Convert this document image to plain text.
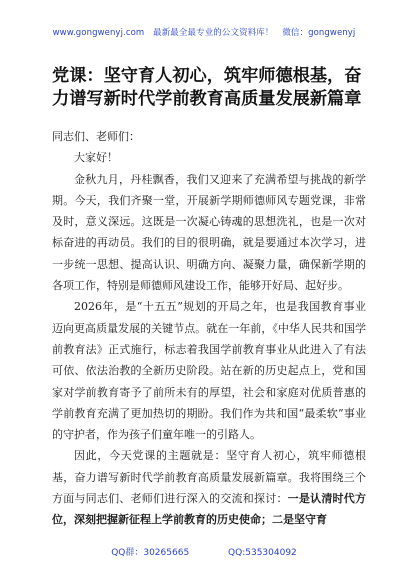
www.gongwenyj.com 最新最全最专业的公文资料库！ 微信：gongwenyj
党课：坚守育人初心，筑牢师德根基，奋力谱写新时代学前教育高质量发展新篇章

同志们、老师们：

大家好！

金秋九月，丹桂飘香，我们又迎来了充满希望与挑战的新学期。今天，我们齐聚一堂，开展新学期师德师风专题党课，非常及时，意义深远。这既是一次凝心铸魂的思想洗礼，也是一次对标奋进的再动员。我们的目的很明确，就是要通过本次学习，进一步统一思想、提高认识、明确方向、凝聚力量，确保新学期的各项工作，特别是师德师风建设工作，能够开好局、起好步。

2026年，是“十五五”规划的开局之年，也是我国教育事业迈向更高质量发展的关键节点。就在一年前，《中华人民共和国学前教育法》正式施行，标志着我国学前教育事业从此进入了有法可依、依法治教的全新历史阶段。站在新的历史起点上，党和国家对学前教育寄予了前所未有的厚望，社会和家庭对优质普惠的学前教育充满了更加热切的期盼。我们作为共和国“最柔软”事业的守护者，作为孩子们童年唯一的引路人。

因此，今天党课的主题就是：坚守育人初心，筑牢师德根基，奋力谱写新时代学前教育高质量发展新篇章。我将围绕三个方面与同志们、老师们进行深入的交流和探讨：一是认清时代方位，深刻把握新征程上学前教育的历史使命；二是坚守育

QQ群：30265665	QQ:535304092
